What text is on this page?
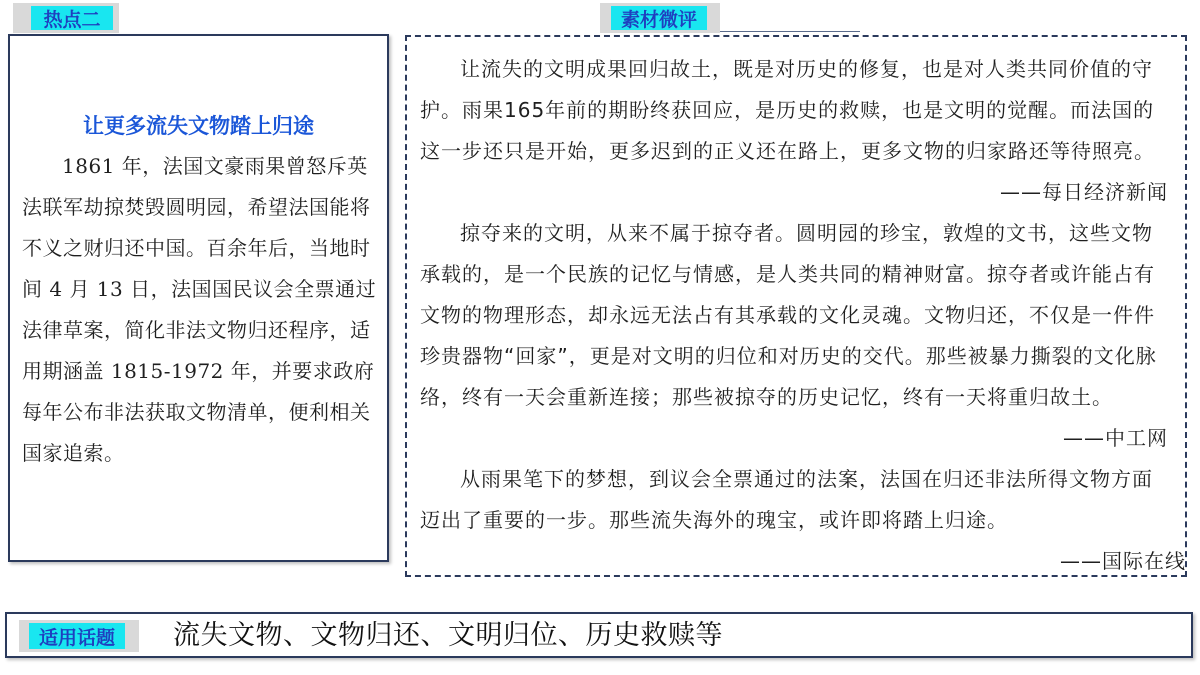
热点二	素材微评
让更多流失文物踏上归途

1861 年，法国文豪雨果曾怒斥英法联军劫掠焚毁圆明园，希望法国能将不义之财归还中国。百余年后，当地时间 4 月 13 日，法国国民议会全票通过法律草案，简化非法文物归还程序，适用期涵盖 1815-1972 年，并要求政府每年公布非法获取文物清单，便利相关国家追索。

让流失的文明成果回归故土，既是对历史的修复，也是对人类共同价值的守护。雨果165年前的期盼终获回应，是历史的救赎，也是文明的觉醒。而法国的这一步还只是开始，更多迟到的正义还在路上，更多文物的归家路还等待照亮。

——每日经济新闻

掠夺来的文明，从来不属于掠夺者。圆明园的珍宝，敦煌的文书，这些文物承载的，是一个民族的记忆与情感，是人类共同的精神财富。掠夺者或许能占有文物的物理形态，却永远无法占有其承载的文化灵魂。文物归还，不仅是一件件珍贵器物“回家”，更是对文明的归位和对历史的交代。那些被暴力撕裂的文化脉络，终有一天会重新连接；那些被掠夺的历史记忆，终有一天将重归故土。

——中工网

从雨果笔下的梦想，到议会全票通过的法案，法国在归还非法所得文物方面迈出了重要的一步。那些流失海外的瑰宝，或许即将踏上归途。

——国际在线

适用话题	流失文物、文物归还、文明归位、历史救赎等
